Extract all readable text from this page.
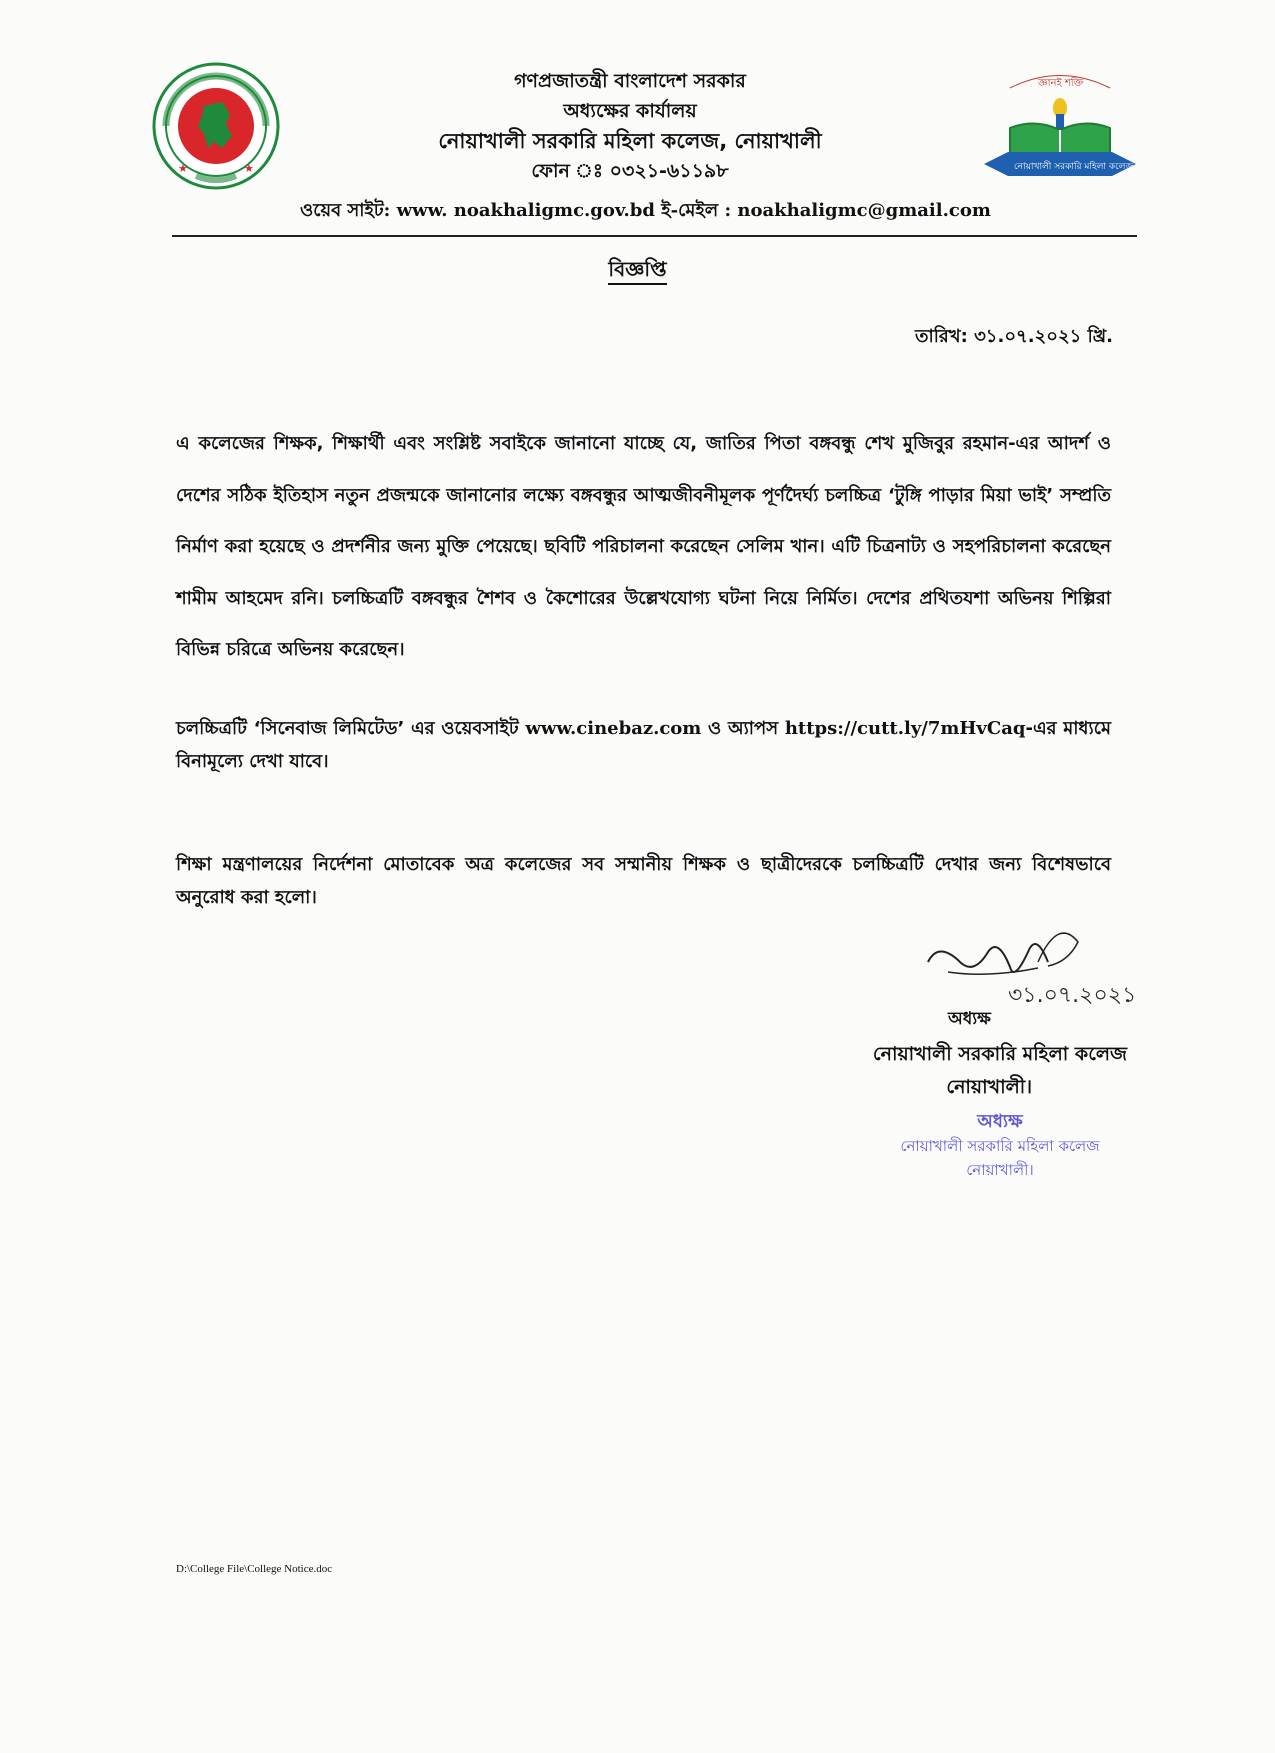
★	★
জ্ঞানই শক্তি
নোয়াখালী সরকারি মহিলা কলেজ
গণপ্রজাতন্ত্রী বাংলাদেশ সরকার
অধ্যক্ষের কার্যালয়
নোয়াখালী সরকারি মহিলা কলেজ, নোয়াখালী
ফোন ঃ ০৩২১-৬১১৯৮
ওয়েব সাইট: www. noakhaligmc.gov.bd ই-মেইল : noakhaligmc@gmail.com
বিজ্ঞপ্তি
তারিখ: ৩১.০৭.২০২১ খ্রি.
এ কলেজের শিক্ষক, শিক্ষার্থী এবং সংশ্লিষ্ট সবাইকে জানানো যাচ্ছে যে, জাতির পিতা বঙ্গবন্ধু শেখ মুজিবুর রহমান-এর আদর্শ ও দেশের সঠিক ইতিহাস নতুন প্রজন্মকে জানানোর লক্ষ্যে বঙ্গবন্ধুর আত্মজীবনীমূলক পূর্ণদৈর্ঘ্য চলচ্চিত্র ‘টুঙ্গি পাড়ার মিয়া ভাই’ সম্প্রতি নির্মাণ করা হয়েছে ও প্রদর্শনীর জন্য মুক্তি পেয়েছে। ছবিটি পরিচালনা করেছেন সেলিম খান। এটি চিত্রনাট্য ও সহপরিচালনা করেছেন শামীম আহমেদ রনি। চলচ্চিত্রটি বঙ্গবন্ধুর শৈশব ও কৈশোরের উল্লেখযোগ্য ঘটনা নিয়ে নির্মিত। দেশের প্রথিতযশা অভিনয় শিল্পিরা বিভিন্ন চরিত্রে অভিনয় করেছেন।
চলচ্চিত্রটি ‘সিনেবাজ লিমিটেড’ এর ওয়েবসাইট www.cinebaz.com ও অ্যাপস https://cutt.ly/7mHvCaq-এর মাধ্যমে বিনামূল্যে দেখা যাবে।
শিক্ষা মন্ত্রণালয়ের নির্দেশনা মোতাবেক অত্র কলেজের সব সম্মানীয় শিক্ষক ও ছাত্রীদেরকে চলচ্চিত্রটি দেখার জন্য বিশেষভাবে অনুরোধ করা হলো।
৩১.০৭.২০২১
অধ্যক্ষ
নোয়াখালী সরকারি মহিলা কলেজ
নোয়াখালী।
অধ্যক্ষ
নোয়াখালী সরকারি মহিলা কলেজ
নোয়াখালী।
D:\College File\College Notice.doc
